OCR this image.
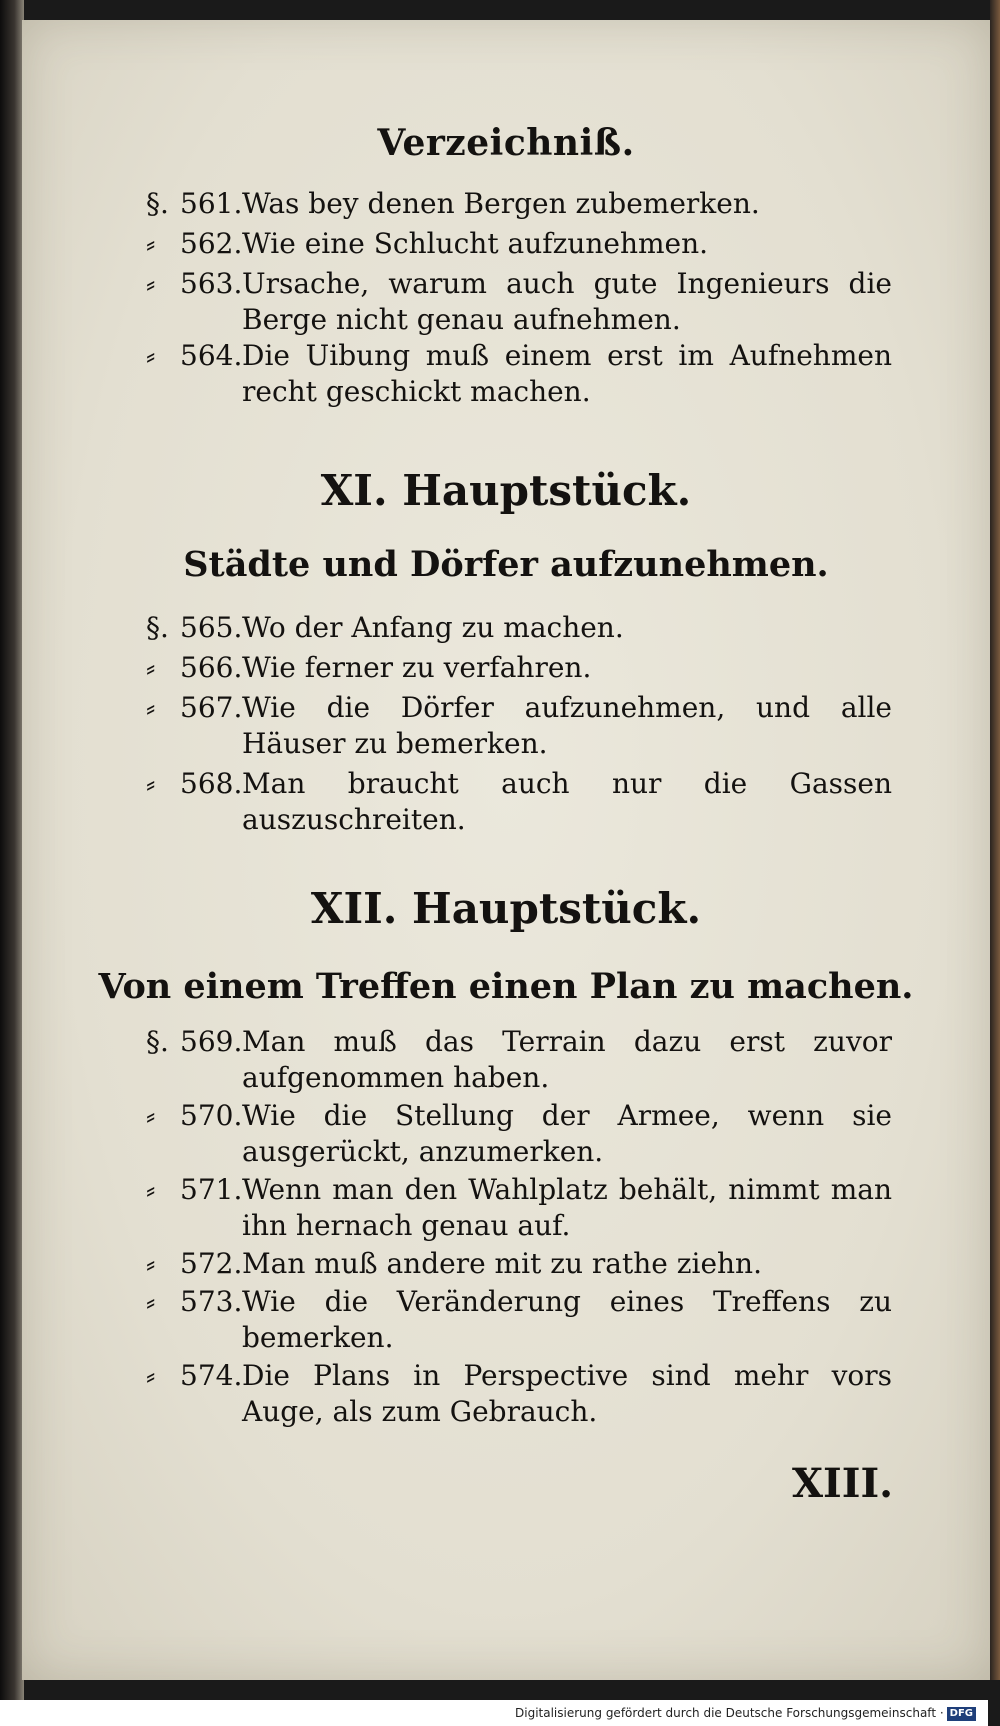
Verzeichniß.
§. 561. Was bey denen Bergen zubemerken.
⸗ 562. Wie eine Schlucht aufzunehmen.
⸗ 563. Ursache, warum auch gute Ingenieurs die Berge nicht genau aufnehmen.
⸗ 564. Die Uibung muß einem erst im Aufnehmen recht geschickt machen.
XI. Hauptstück.
Städte und Dörfer aufzunehmen.
§. 565. Wo der Anfang zu machen.
⸗ 566. Wie ferner zu verfahren.
⸗ 567. Wie die Dörfer aufzunehmen, und alle Häuser zu bemerken.
⸗ 568. Man braucht auch nur die Gassen auszuschreiten.
XII. Hauptstück.
Von einem Treffen einen Plan zu machen.
§. 569. Man muß das Terrain dazu erst zuvor aufgenommen haben.
⸗ 570. Wie die Stellung der Armee, wenn sie ausgerückt, anzumerken.
⸗ 571. Wenn man den Wahlplatz behält, nimmt man ihn hernach genau auf.
⸗ 572. Man muß andere mit zu rathe ziehn.
⸗ 573. Wie die Veränderung eines Treffens zu bemerken.
⸗ 574. Die Plans in Perspective sind mehr vors Auge, als zum Gebrauch.
XIII.
Digitalisierung gefördert durch die Deutsche Forschungsgemeinschaft · DFG
